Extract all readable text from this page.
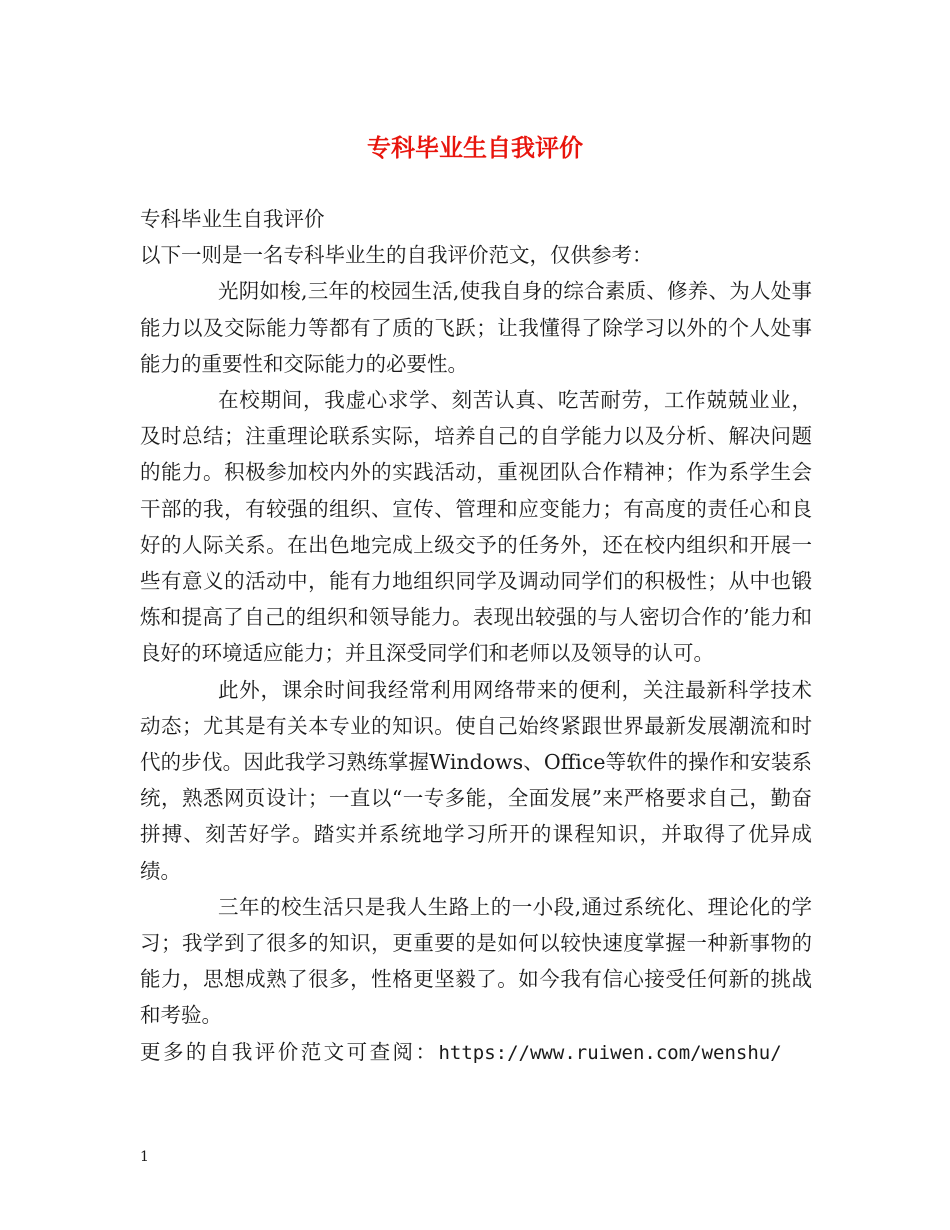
专科毕业生自我评价
专科毕业生自我评价
以下一则是一名专科毕业生的自我评价范文，仅供参考：

光阴如梭,三年的校园生活,使我自身的综合素质、修养、为人处事能力以及交际能力等都有了质的飞跃；让我懂得了除学习以外的个人处事能力的重要性和交际能力的必要性。

在校期间，我虚心求学、刻苦认真、吃苦耐劳，工作兢兢业业，及时总结；注重理论联系实际，培养自己的自学能力以及分析、解决问题的能力。积极参加校内外的实践活动，重视团队合作精神；作为系学生会干部的我，有较强的组织、宣传、管理和应变能力；有高度的责任心和良好的人际关系。在出色地完成上级交予的任务外，还在校内组织和开展一些有意义的活动中，能有力地组织同学及调动同学们的积极性；从中也锻炼和提高了自己的组织和领导能力。表现出较强的与人密切合作的’能力和良好的环境适应能力；并且深受同学们和老师以及领导的认可。

此外，课余时间我经常利用网络带来的便利，关注最新科学技术动态；尤其是有关本专业的知识。使自己始终紧跟世界最新发展潮流和时代的步伐。因此我学习熟练掌握Windows、Office等软件的操作和安装系统，熟悉网页设计；一直以“一专多能，全面发展”来严格要求自己，勤奋拼搏、刻苦好学。踏实并系统地学习所开的课程知识，并取得了优异成绩。

三年的校生活只是我人生路上的一小段,通过系统化、理论化的学习；我学到了很多的知识，更重要的是如何以较快速度掌握一种新事物的能力，思想成熟了很多，性格更坚毅了。如今我有信心接受任何新的挑战和考验。

更多的自我评价范文可查阅：https://www.ruiwen.com/wenshu/
1
